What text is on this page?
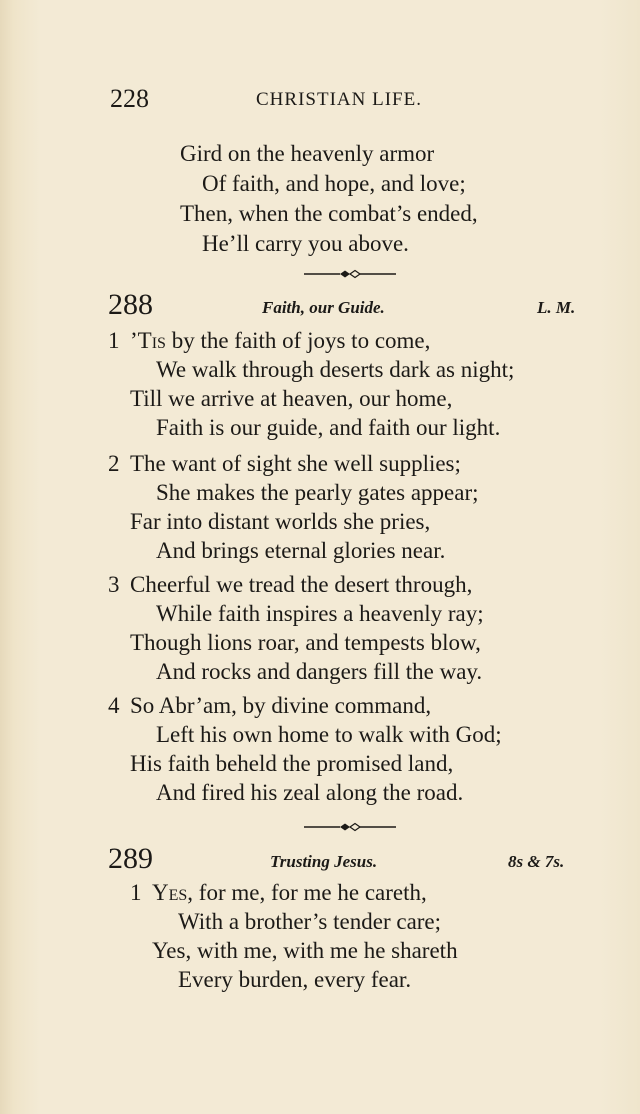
228	CHRISTIAN LIFE.
Gird on the heavenly armor
Of faith, and hope, and love;
Then, when the combat’s ended,
He’ll carry you above.
288	Faith, our Guide.	L. M.
1 ’Tis by the faith of joys to come,
We walk through deserts dark as night;
Till we arrive at heaven, our home,
Faith is our guide, and faith our light.
2 The want of sight she well supplies;
She makes the pearly gates appear;
Far into distant worlds she pries,
And brings eternal glories near.
3 Cheerful we tread the desert through,
While faith inspires a heavenly ray;
Though lions roar, and tempests blow,
And rocks and dangers fill the way.
4 So Abr’am, by divine command,
Left his own home to walk with God;
His faith beheld the promised land,
And fired his zeal along the road.
289	Trusting Jesus.	8s & 7s.
1 Yes, for me, for me he careth,
With a brother’s tender care;
Yes, with me, with me he shareth
Every burden, every fear.
